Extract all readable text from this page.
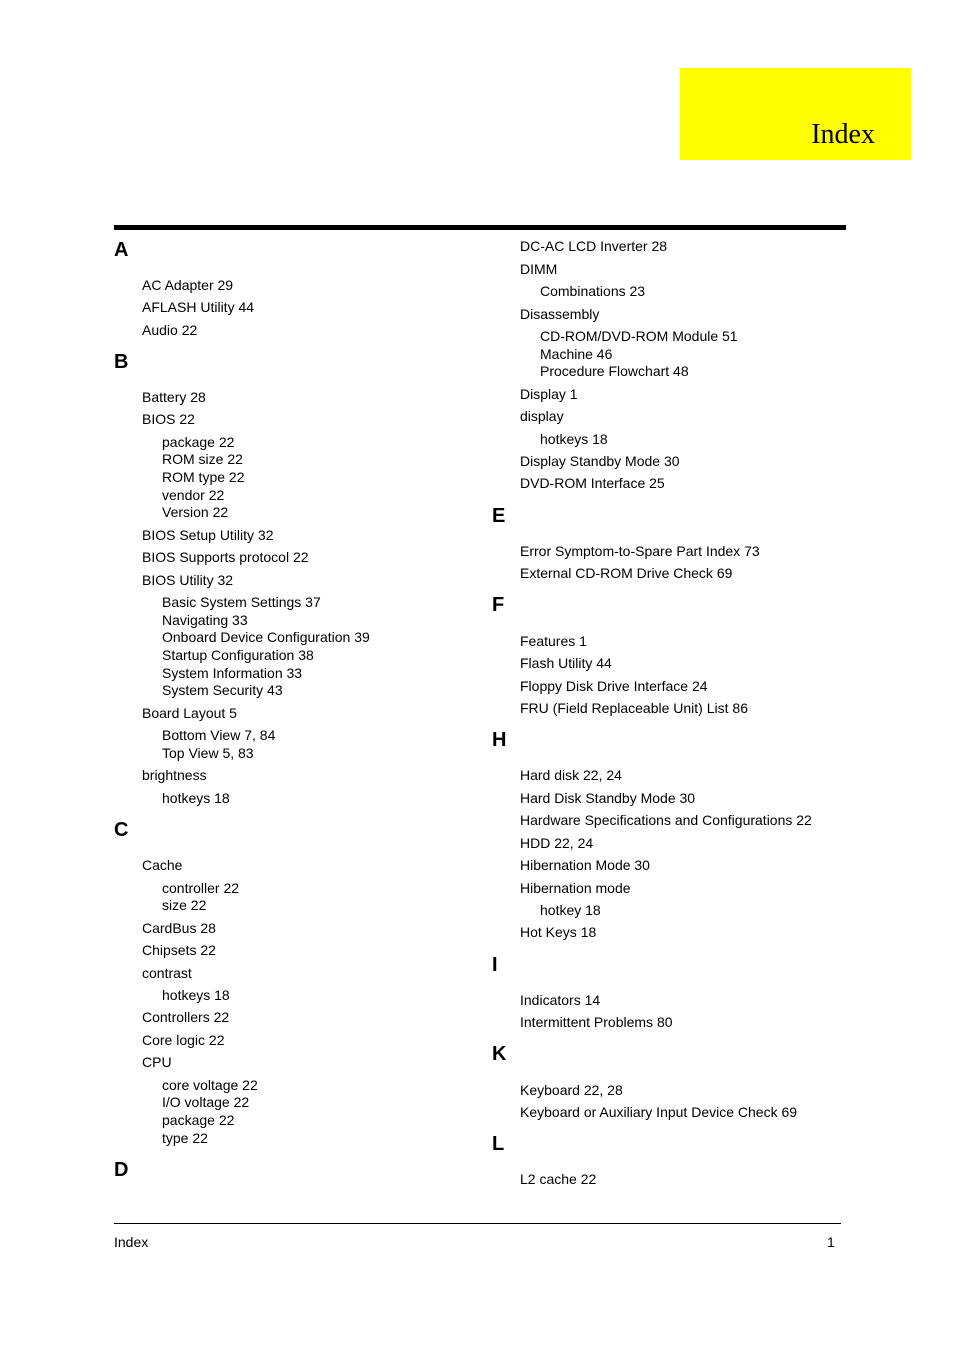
Index
A
AC Adapter 29
AFLASH Utility 44
Audio 22
B
Battery 28
BIOS 22
package 22
ROM size 22
ROM type 22
vendor 22
Version 22
BIOS Setup Utility 32
BIOS Supports protocol 22
BIOS Utility 32
Basic System Settings 37
Navigating 33
Onboard Device Configuration 39
Startup Configuration 38
System Information 33
System Security 43
Board Layout 5
Bottom View 7, 84
Top View 5, 83
brightness
hotkeys 18
C
Cache
controller 22
size 22
CardBus 28
Chipsets 22
contrast
hotkeys 18
Controllers 22
Core logic 22
CPU
core voltage 22
I/O voltage 22
package 22
type 22
D
DC-AC LCD Inverter 28
DIMM
Combinations 23
Disassembly
CD-ROM/DVD-ROM Module 51
Machine 46
Procedure Flowchart 48
Display 1
display
hotkeys 18
Display Standby Mode 30
DVD-ROM Interface 25
E
Error Symptom-to-Spare Part Index 73
External CD-ROM Drive Check 69
F
Features 1
Flash Utility 44
Floppy Disk Drive Interface 24
FRU (Field Replaceable Unit) List 86
H
Hard disk 22, 24
Hard Disk Standby Mode 30
Hardware Specifications and Configurations 22
HDD 22, 24
Hibernation Mode 30
Hibernation mode
hotkey 18
Hot Keys 18
I
Indicators 14
Intermittent Problems 80
K
Keyboard 22, 28
Keyboard or Auxiliary Input Device Check 69
L
L2 cache 22
Index	1
